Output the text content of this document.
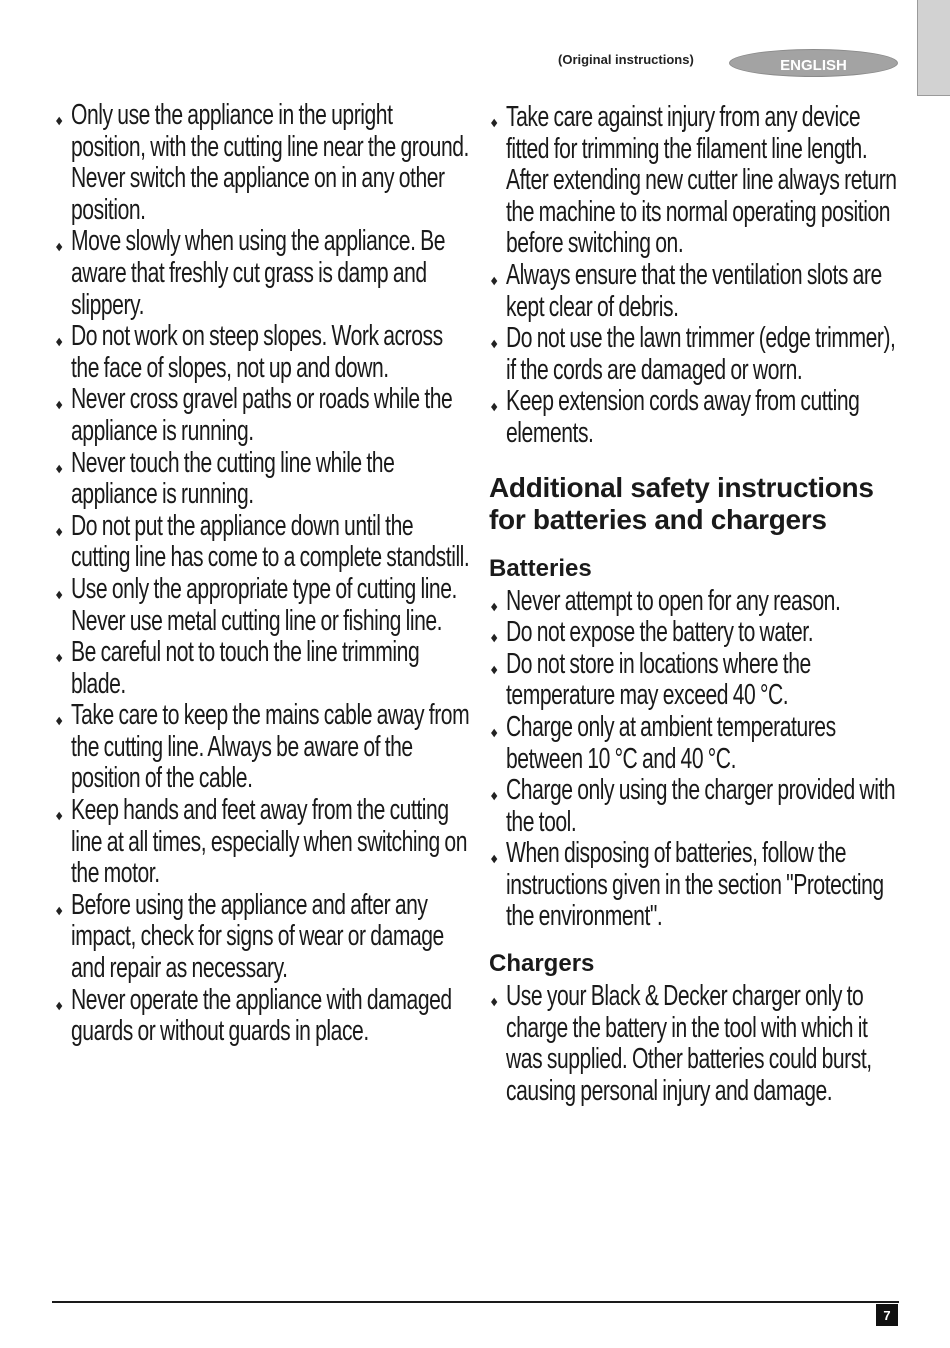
(Original instructions)	ENGLISH
Only use the appliance in the upright position, with the cutting line near the ground. Never switch the appliance on in any other position.
Move slowly when using the appliance. Be aware that freshly cut grass is damp and slippery.
Do not work on steep slopes. Work across the face of slopes, not up and down.
Never cross gravel paths or roads while the appliance is running.
Never touch the cutting line while the appliance is running.
Do not put the appliance down until the cutting line has come to a complete standstill.
Use only the appropriate type of cutting line. Never use metal cutting line or fishing line.
Be careful not to touch the line trimming blade.
Take care to keep the mains cable away from the cutting line. Always be aware of the position of the cable.
Keep hands and feet away from the cutting line at all times, especially when switching on the motor.
Before using the appliance and after any impact, check for signs of wear or damage and repair as necessary.
Never operate the appliance with damaged guards or without guards in place.
Take care against injury from any device fitted for trimming the filament line length. After extending new cutter line always return the machine to its normal operating position before switching on.
Always ensure that the ventilation slots are kept clear of debris.
Do not use the lawn trimmer (edge trimmer), if the cords are damaged or worn.
Keep extension cords away from cutting elements.
Additional safety instructions for batteries and chargers
Batteries
Never attempt to open for any reason.
Do not expose the battery to water.
Do not store in locations where the temperature may exceed 40 °C.
Charge only at ambient temperatures between 10 °C and 40 °C.
Charge only using the charger provided with the tool.
When disposing of batteries, follow the instructions given in the section "Protecting the environment".
Chargers
Use your Black & Decker charger only to charge the battery in the tool with which it was supplied. Other batteries could burst, causing personal injury and damage.
7
